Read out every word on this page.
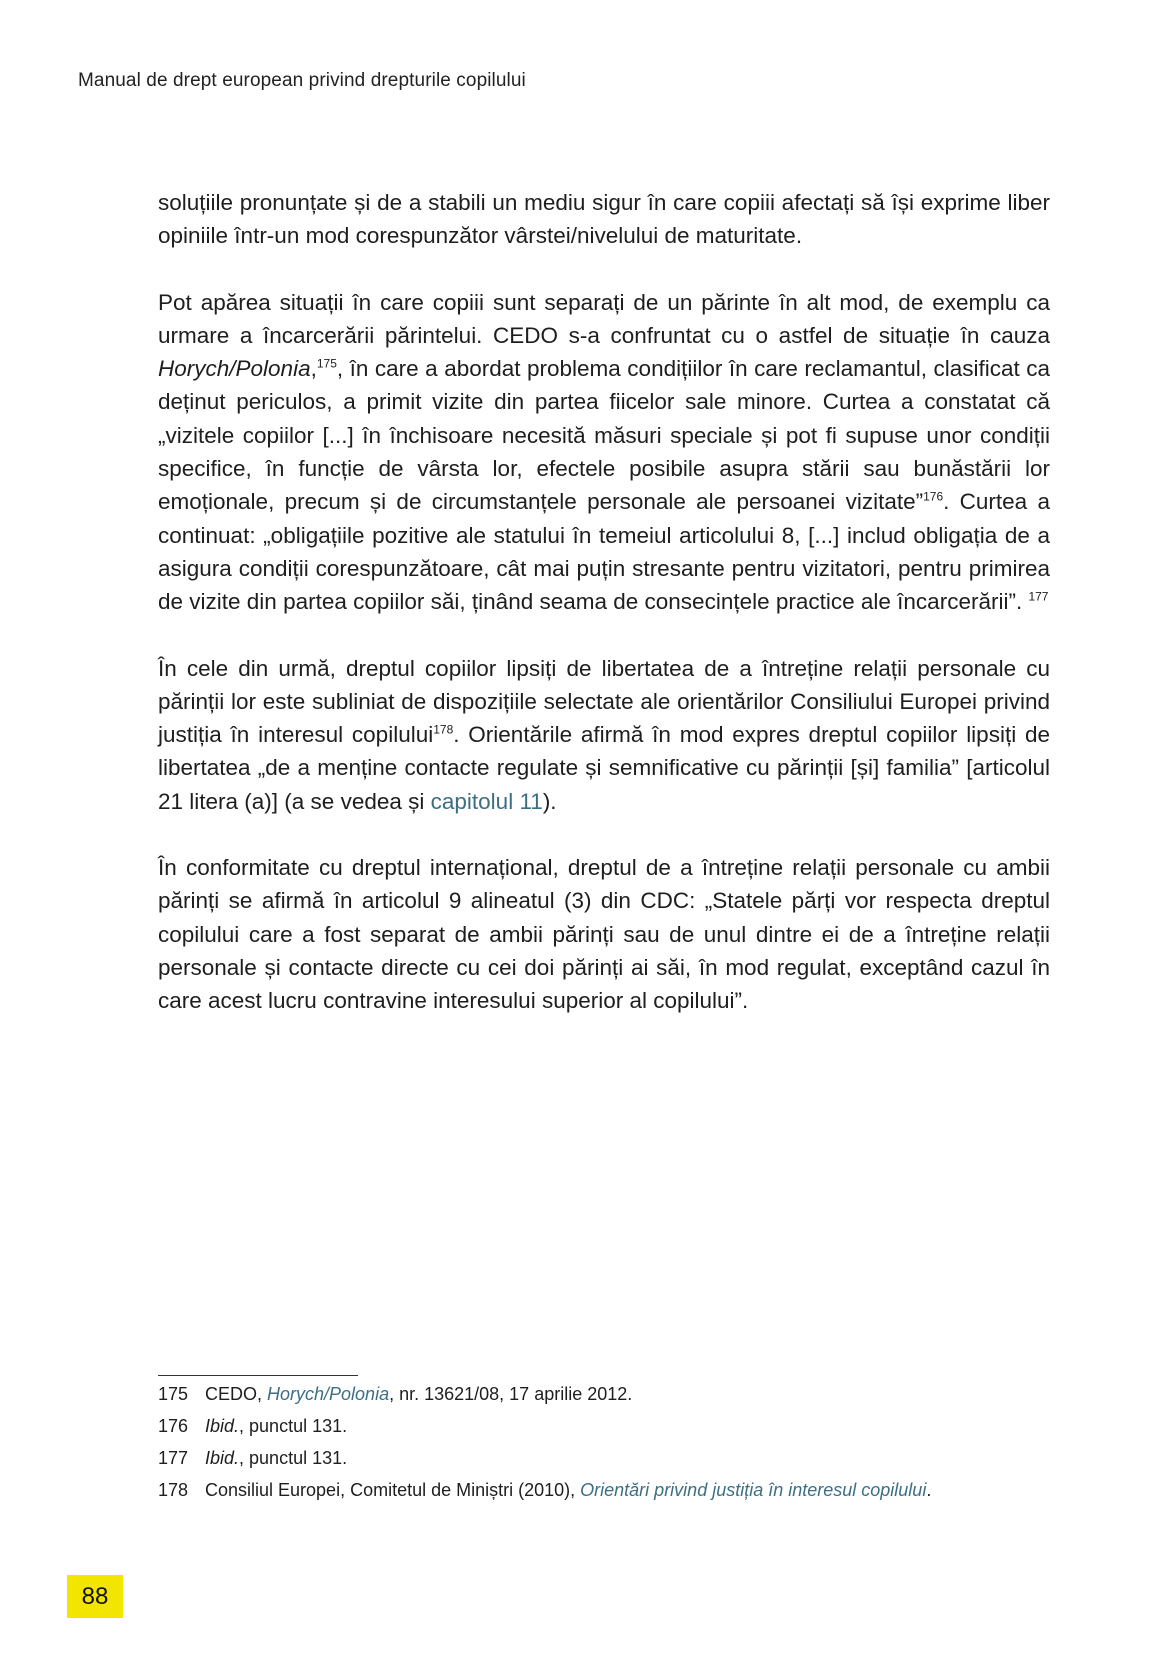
Manual de drept european privind drepturile copilului

soluțiile pronunțate și de a stabili un mediu sigur în care copiii afectați să își exprime liber opiniile într-un mod corespunzător vârstei/nivelului de maturitate.

Pot apărea situații în care copiii sunt separați de un părinte în alt mod, de exemplu ca urmare a încarcerării părintelui. CEDO s-a confruntat cu o astfel de situație în cauza Horych/Polonia,$^{175}$, în care a abordat problema condițiilor în care reclamantul, clasificat ca deținut periculos, a primit vizite din partea fiicelor sale minore. Curtea a constatat că „vizitele copiilor [...] în închisoare necesită măsuri speciale și pot fi supuse unor condiții specifice, în funcție de vârsta lor, efectele posibile asupra stării sau bunăstării lor emoționale, precum și de circumstanțele personale ale persoanei vizitate”$^{176}$. Curtea a continuat: „obligațiile pozitive ale statului în temeiul articolului 8, [...] includ obligația de a asigura condiții corespunzătoare, cât mai puțin stresante pentru vizitatori, pentru primirea de vizite din partea copiilor săi, ținând seama de consecințele practice ale încarcerării”. $^{177}$

În cele din urmă, dreptul copiilor lipsiți de libertatea de a întreține relații personale cu părinții lor este subliniat de dispozițiile selectate ale orientărilor Consiliului Europei privind justiția în interesul copilului$^{178}$. Orientările afirmă în mod expres dreptul copiilor lipsiți de libertatea „de a menține contacte regulate și semnificative cu părinții [și] familia” [articolul 21 litera (a)] (a se vedea și capitolul 11).

În conformitate cu dreptul internațional, dreptul de a întreține relații personale cu ambii părinți se afirmă în articolul 9 alineatul (3) din CDC: „Statele părți vor respecta dreptul copilului care a fost separat de ambii părinți sau de unul dintre ei de a întreține relații personale și contacte directe cu cei doi părinți ai săi, în mod regulat, exceptând cazul în care acest lucru contravine interesului superior al copilului”.

175 CEDO, Horych/Polonia, nr. 13621/08, 17 aprilie 2012.
176 Ibid., punctul 131.
177 Ibid., punctul 131.
178 Consiliul Europei, Comitetul de Miniștri (2010), Orientări privind justiția în interesul copilului.
88
